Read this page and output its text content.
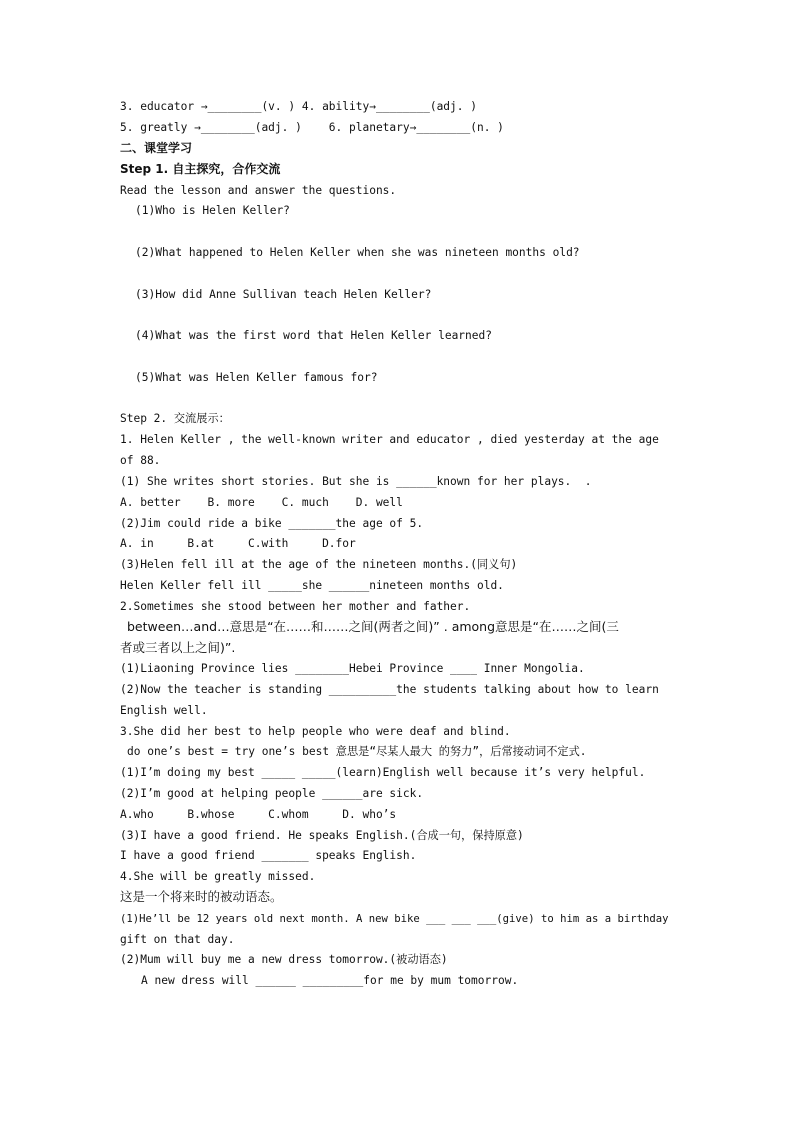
3. educator →________(v. ) 4. ability→________(adj. )
5. greatly →________(adj. )    6. planetary→________(n. )
二、课堂学习
Step 1. 自主探究，合作交流
Read the lesson and answer the questions.
(1)Who is Helen Keller?
(2)What happened to Helen Keller when she was nineteen months old?
(3)How did Anne Sullivan teach Helen Keller?
(4)What was the first word that Helen Keller learned?
(5)What was Helen Keller famous for?
Step 2. 交流展示：
1. Helen Keller , the well-known writer and educator , died yesterday at the age
of 88.
(1) She writes short stories. But she is ______known for her plays.  .
A. better    B. more    C. much    D. well
(2)Jim could ride a bike _______the age of 5.
A. in     B.at     C.with     D.for
(3)Helen fell ill at the age of the nineteen months.(同义句)
Helen Keller fell ill _____she ______nineteen months old.
2.Sometimes she stood between her mother and father.
between…and…意思是“在……和……之间(两者之间)” . among意思是“在……之间(三
者或三者以上之间)”.
(1)Liaoning Province lies ________Hebei Province ____ Inner Mongolia.
(2)Now the teacher is standing __________the students talking about how to learn
English well.
3.She did her best to help people who were deaf and blind.
do one’s best = try one’s best 意思是“尽某人最大 的努力”，后常接动词不定式.
(1)I’m doing my best _____ _____(learn)English well because it’s very helpful.
(2)I’m good at helping people ______are sick.
A.who     B.whose     C.whom     D. who’s
(3)I have a good friend. He speaks English.(合成一句，保持原意)
I have a good friend _______ speaks English.
4.She will be greatly missed.
这是一个将来时的被动语态。
(1)He’ll be 12 years old next month. A new bike ___ ___ ___(give) to him as a birthday
gift on that day.
(2)Mum will buy me a new dress tomorrow.(被动语态)
A new dress will ______ _________for me by mum tomorrow.
